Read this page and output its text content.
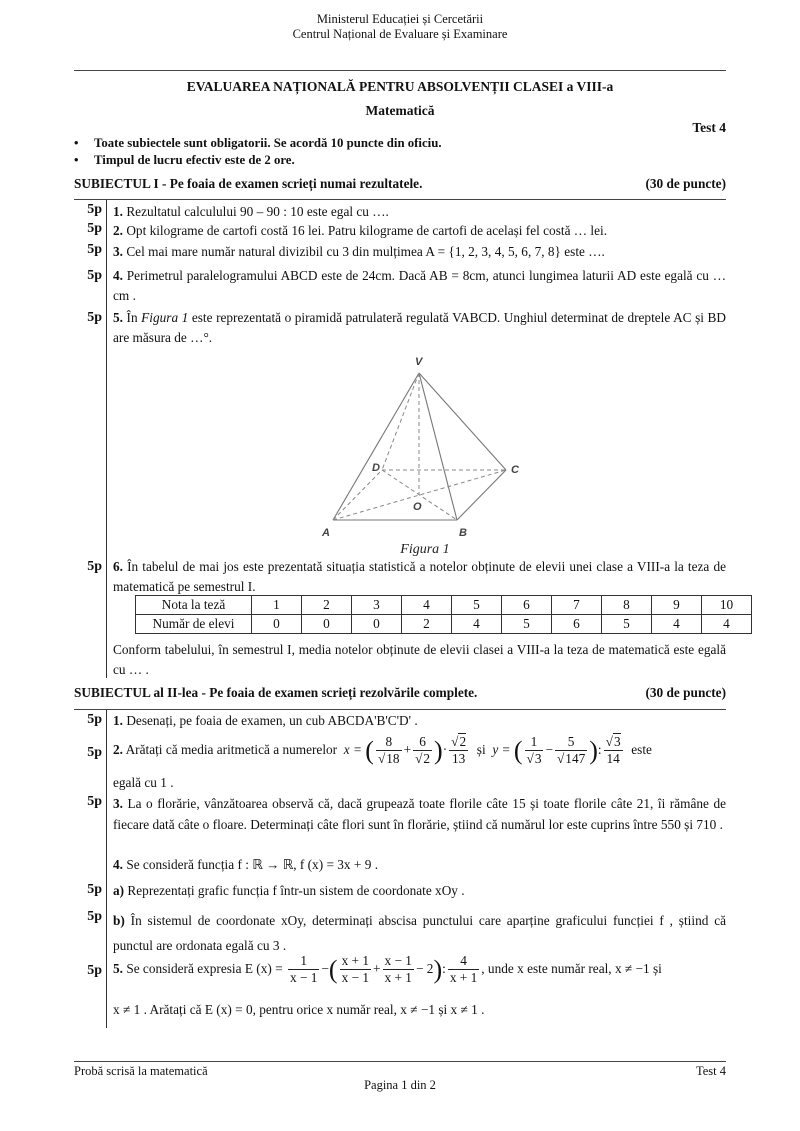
Ministerul Educației și Cercetării
Centrul Național de Evaluare și Examinare
EVALUAREA NAȚIONALĂ PENTRU ABSOLVENȚII CLASEI a VIII-a
Matematică
Test 4
• Toate subiectele sunt obligatorii. Se acordă 10 puncte din oficiu.
• Timpul de lucru efectiv este de 2 ore.
SUBIECTUL I - Pe foaia de examen scrieți numai rezultatele.	(30 de puncte)
5p 1. Rezultatul calculului 90 – 90 : 10 este egal cu ….
5p 2. Opt kilograme de cartofi costă 16 lei. Patru kilograme de cartofi de același fel costă … lei.
5p 3. Cel mai mare număr natural divizibil cu 3 din mulțimea A = {1, 2, 3, 4, 5, 6, 7, 8} este ….
5p 4. Perimetrul paralelogramului ABCD este de 24cm. Dacă AB = 8cm, atunci lungimea laturii AD este egală cu …cm .
5p 5. În Figura 1 este reprezentată o piramidă patrulateră regulată VABCD. Unghiul determinat de dreptele AC și BD are măsura de …°.
V
A	B
C
D
O
Figura 1
5p 6. În tabelul de mai jos este prezentată situația statistică a notelor obținute de elevii unei clase a VIII-a la teza de matematică pe semestrul I.
Nota la teză	1	2	3	4	5	6	7	8	9	10
Număr de elevi	0	0	0	2	4	5	6	5	4	4
Conform tabelului, în semestrul I, media notelor obținute de elevii clasei a VIII-a la teza de matematică este egală cu … .
SUBIECTUL al II-lea - Pe foaia de examen scrieți rezolvările complete.	(30 de puncte)
5p 1. Desenați, pe foaia de examen, un cub ABCDA'B'C'D' .
5p 2. Arătați că media aritmetică a numerelor x = ( $\frac{8}{√18} + \frac{6}{√2}$ )· $\frac{√2}{13}$ și y = ( $\frac{1}{√3} - \frac{5}{√147}$ ): $\frac{√3}{14}$ este
egală cu 1 .
5p 3. La o florărie, vânzătoarea observă că, dacă grupează toate florile câte 15 și toate florile câte 21, îi rămâne de fiecare dată câte o floare. Determinați câte flori sunt în florărie, știind că numărul lor este cuprins între 550 și 710 .
4. Se consideră funcția f : ℝ → ℝ, f (x) = 3x + 9 .
5p a) Reprezentați grafic funcția f într-un sistem de coordonate xOy .
5p b) În sistemul de coordonate xOy, determinați abscisa punctului care aparține graficului funcției f , știind că punctul are ordonata egală cu 3 .
5p 5. Se consideră expresia E $(x) = \frac{1}{x - 1}$ −( $\frac{x + 1}{x - 1} + \frac{x - 1}{x + 1} - 2$): $\frac{4}{x + 1}$ , unde x este număr real, x ≠ −1 și
x ≠ 1 . Arătați că E (x) = 0, pentru orice x număr real, x ≠ −1 și x ≠ 1 .
Probă scrisă la matematică	Test 4
Pagina 1 din 2
